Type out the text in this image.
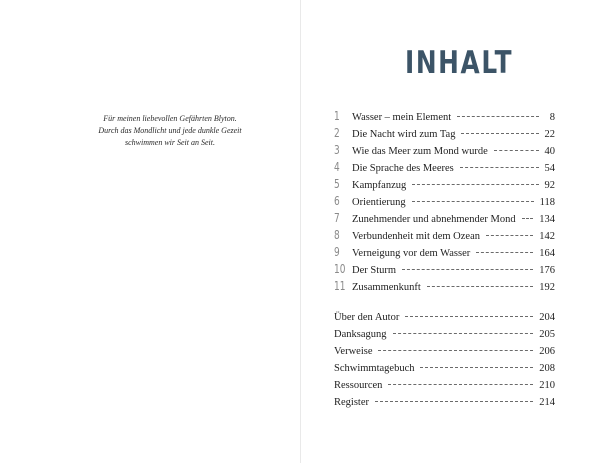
Für meinen liebevollen Gefährten Blyton.
Durch das Mondlicht und jede dunkle Gezeit
schwimmen wir Seit an Seit.
INHALT
1	Wasser – mein Element	8
2	Die Nacht wird zum Tag	22
3	Wie das Meer zum Mond wurde	40
4	Die Sprache des Meeres	54
5	Kampfanzug	92
6	Orientierung	118
7	Zunehmender und abnehmender Mond 134
8	Verbundenheit mit dem Ozean	142
9	Verneigung vor dem Wasser	164
10 Der Sturm	176
11 Zusammenkunft	192
Über den Autor	204
Danksagung	205
Verweise	206
Schwimmtagebuch	208
Ressourcen	210
Register	214
